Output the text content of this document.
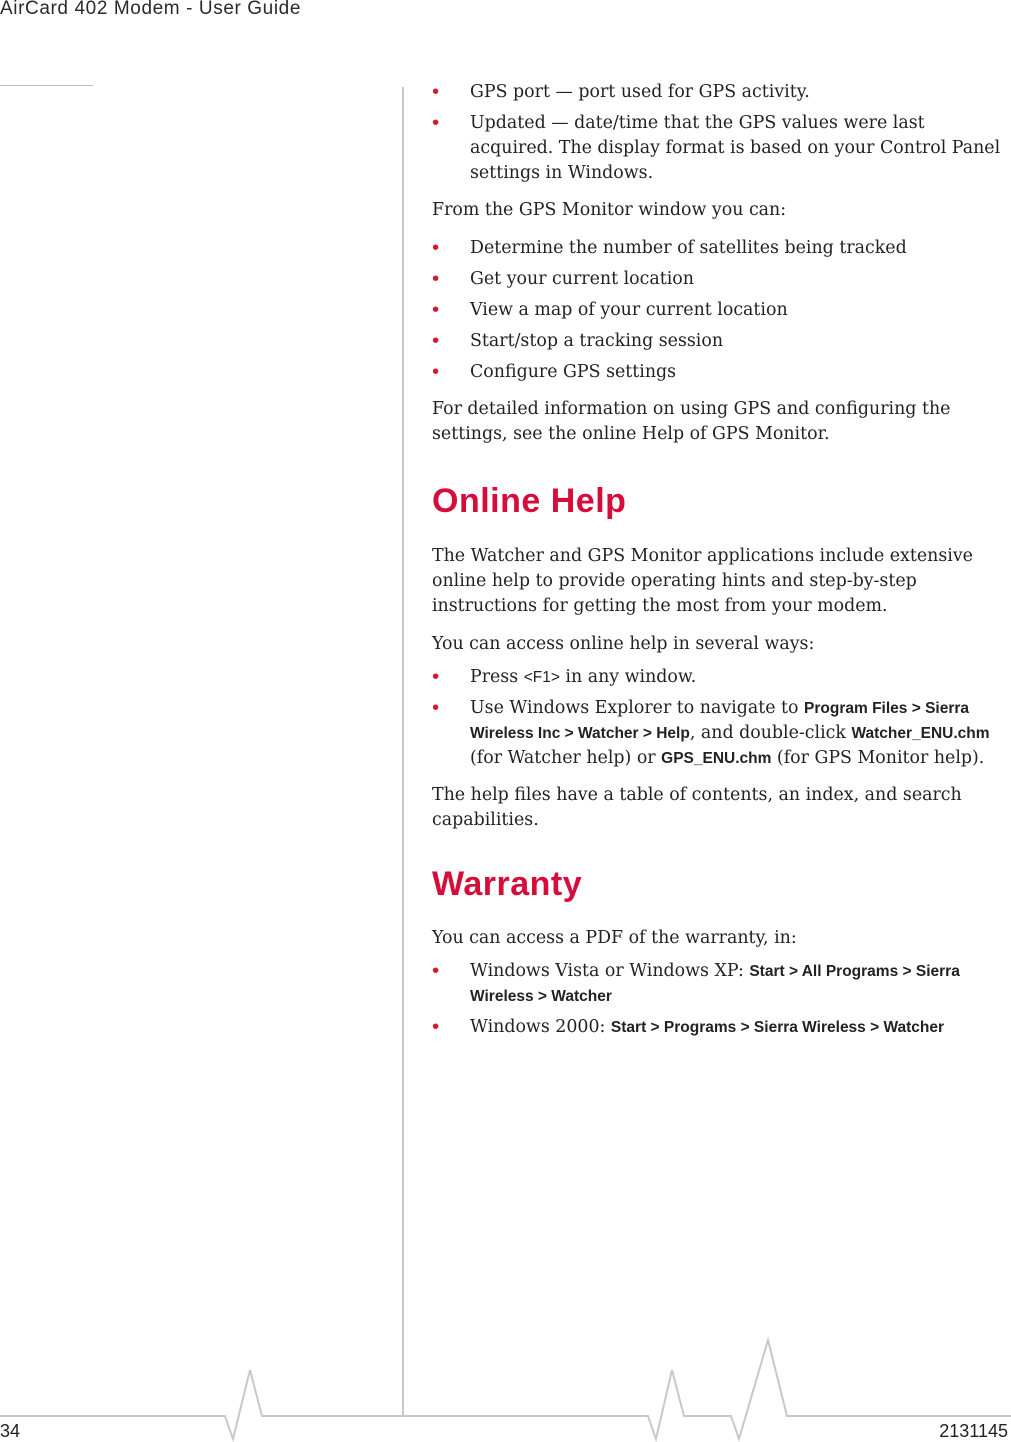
AirCard 402 Modem - User Guide
• GPS port — port used for GPS activity.
• Updated — date/time that the GPS values were last acquired. The display format is based on your Control Panel settings in Windows.

From the GPS Monitor window you can:

• Determine the number of satellites being tracked
• Get your current location
• View a map of your current location
• Start/stop a tracking session
• Configure GPS settings

For detailed information on using GPS and configuring the settings, see the online Help of GPS Monitor.

Online Help

The Watcher and GPS Monitor applications include extensive online help to provide operating hints and step-by-step instructions for getting the most from your modem.

You can access online help in several ways:

• Press <F1> in any window.
• Use Windows Explorer to navigate to Program Files > Sierra Wireless Inc > Watcher > Help, and double-click Watcher_ENU.chm (for Watcher help) or GPS_ENU.chm (for GPS Monitor help).

The help files have a table of contents, an index, and search capabilities.

Warranty

You can access a PDF of the warranty, in:

• Windows Vista or Windows XP: Start > All Programs > Sierra Wireless > Watcher
• Windows 2000: Start > Programs > Sierra Wireless > Watcher
34	2131145
